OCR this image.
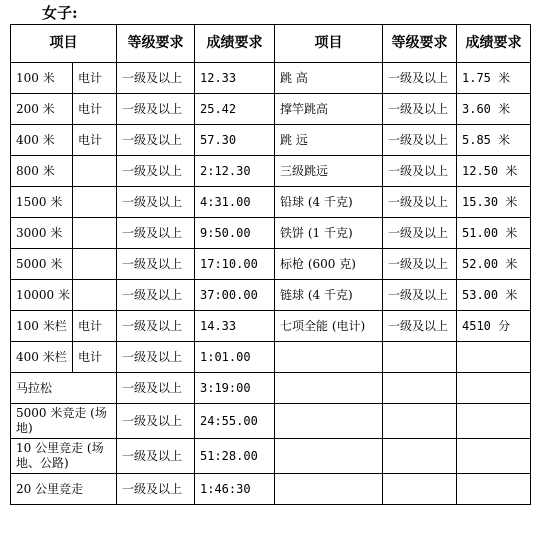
女子:
项目		等级要求	成绩要求	项目	等级要求	成绩要求
100 米	电计	一级及以上	12.33	跳 高	一级及以上	1.75 米
200 米	电计	一级及以上	25.42	撑竿跳高	一级及以上	3.60 米
400 米	电计	一级及以上	57.30	跳 远	一级及以上	5.85 米
800 米		一级及以上	2:12.30	三级跳远	一级及以上	12.50 米
1500 米		一级及以上	4:31.00	铅球 (4 千克)	一级及以上	15.30 米
3000 米		一级及以上	9:50.00	铁饼 (1 千克)	一级及以上	51.00 米
5000 米		一级及以上	17:10.00	标枪 (600 克)	一级及以上	52.00 米
10000 米		一级及以上	37:00.00	链球 (4 千克)	一级及以上	53.00 米
100 米栏	电计	一级及以上	14.33	七项全能 (电计)	一级及以上	4510 分
400 米栏	电计	一级及以上	1:01.00			
马拉松		一级及以上	3:19:00			
5000 米竞走 (场地)		一级及以上	24:55.00			
10 公里竞走 (场地、公路)		一级及以上	51:28.00			
20 公里竞走		一级及以上	1:46:30			
